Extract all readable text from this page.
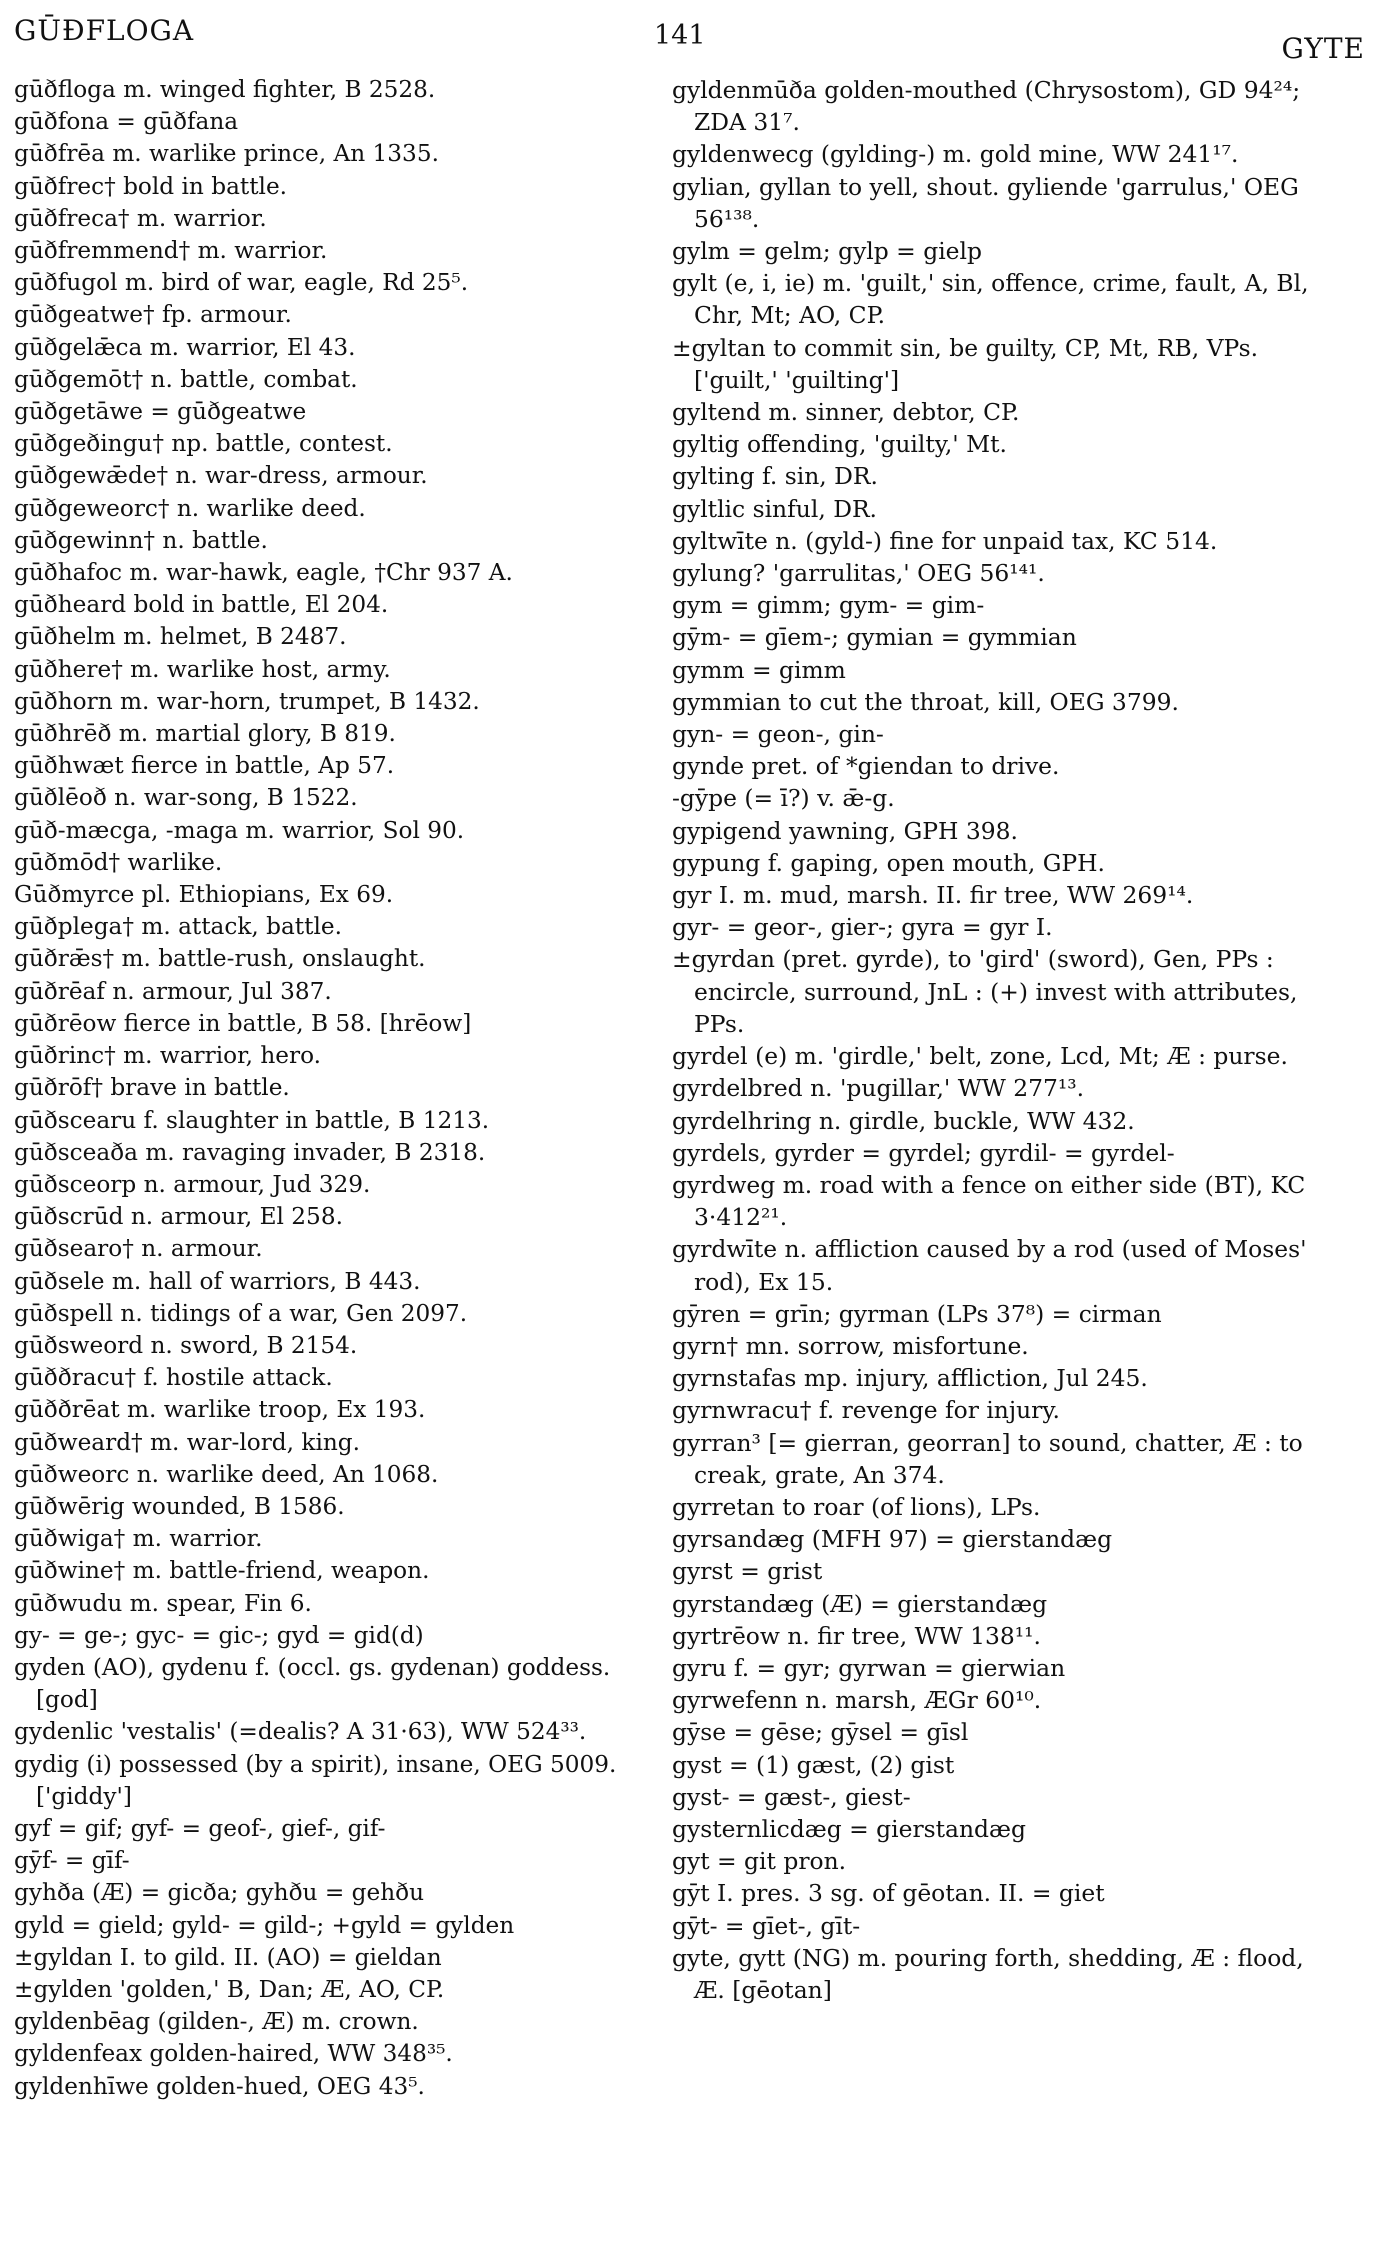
GŪÐFLOGA	141	GYTE
gūðfloga m. winged fighter, B 2528.
gūðfona = gūðfana
gūðfrēa m. warlike prince, An 1335.
gūðfrec† bold in battle.
gūðfreca† m. warrior.
gūðfremmend† m. warrior.
gūðfugol m. bird of war, eagle, Rd 25⁵.
gūðgeatwe† fp. armour.
gūðgelǣca m. warrior, El 43.
gūðgemōt† n. battle, combat.
gūðgetāwe = gūðgeatwe
gūðgeðingu† np. battle, contest.
gūðgewǣde† n. war-dress, armour.
gūðgeweorc† n. warlike deed.
gūðgewinn† n. battle.
gūðhafoc m. war-hawk, eagle, †Chr 937 A.
gūðheard bold in battle, El 204.
gūðhelm m. helmet, B 2487.
gūðhere† m. warlike host, army.
gūðhorn m. war-horn, trumpet, B 1432.
gūðhrēð m. martial glory, B 819.
gūðhwæt fierce in battle, Ap 57.
gūðlēoð n. war-song, B 1522.
gūð-mæcga, -maga m. warrior, Sol 90.
gūðmōd† warlike.
Gūðmyrce pl. Ethiopians, Ex 69.
gūðplega† m. attack, battle.
gūðrǣs† m. battle-rush, onslaught.
gūðrēaf n. armour, Jul 387.
gūðrēow fierce in battle, B 58. [hrēow]
gūðrinc† m. warrior, hero.
gūðrōf† brave in battle.
gūðscearu f. slaughter in battle, B 1213.
gūðsceaða m. ravaging invader, B 2318.
gūðsceorp n. armour, Jud 329.
gūðscrūd n. armour, El 258.
gūðsearo† n. armour.
gūðsele m. hall of warriors, B 443.
gūðspell n. tidings of a war, Gen 2097.
gūðsweord n. sword, B 2154.
gūððracu† f. hostile attack.
gūððrēat m. warlike troop, Ex 193.
gūðweard† m. war-lord, king.
gūðweorc n. warlike deed, An 1068.
gūðwērig wounded, B 1586.
gūðwiga† m. warrior.
gūðwine† m. battle-friend, weapon.
gūðwudu m. spear, Fin 6.
gy- = ge-; gyc- = gic-; gyd = gid(d)
gyden (AO), gydenu f. (occl. gs. gydenan) goddess. [god]
gydenlic 'vestalis' (=dealis? A 31·63), WW 524³³.
gydig (i) possessed (by a spirit), insane, OEG 5009. ['giddy']
gyf = gif; gyf- = geof-, gief-, gif-
gȳf- = gīf-
gyhða (Æ) = gicða; gyhðu = gehðu
gyld = gield; gyld- = gild-; +gyld = gylden
±gyldan I. to gild. II. (AO) = gieldan
±gylden 'golden,' B, Dan; Æ, AO, CP.
gyldenbēag (gilden-, Æ) m. crown.
gyldenfeax golden-haired, WW 348³⁵.
gyldenhīwe golden-hued, OEG 43⁵.
gyldenmūða golden-mouthed (Chrysostom), GD 94²⁴; ZDA 31⁷.
gyldenwecg (gylding-) m. gold mine, WW 241¹⁷.
gylian, gyllan to yell, shout. gyliende 'garrulus,' OEG 56¹³⁸.
gylm = gelm; gylp = gielp
gylt (e, i, ie) m. 'guilt,' sin, offence, crime, fault, A, Bl, Chr, Mt; AO, CP.
±gyltan to commit sin, be guilty, CP, Mt, RB, VPs. ['guilt,' 'guilting']
gyltend m. sinner, debtor, CP.
gyltig offending, 'guilty,' Mt.
gylting f. sin, DR.
gyltlic sinful, DR.
gyltwīte n. (gyld-) fine for unpaid tax, KC 514.
gylung? 'garrulitas,' OEG 56¹⁴¹.
gym = gimm; gym- = gim-
gȳm- = gīem-; gymian = gymmian
gymm = gimm
gymmian to cut the throat, kill, OEG 3799.
gyn- = geon-, gin-
gynde pret. of *giendan to drive.
-gȳpe (= ī?) v. ǣ-g.
gypigend yawning, GPH 398.
gypung f. gaping, open mouth, GPH.
gyr I. m. mud, marsh. II. fir tree, WW 269¹⁴.
gyr- = geor-, gier-; gyra = gyr I.
±gyrdan (pret. gyrde), to 'gird' (sword), Gen, PPs : encircle, surround, JnL : (+) invest with attributes, PPs.
gyrdel (e) m. 'girdle,' belt, zone, Lcd, Mt; Æ : purse.
gyrdelbred n. 'pugillar,' WW 277¹³.
gyrdelhring n. girdle, buckle, WW 432.
gyrdels, gyrder = gyrdel; gyrdil- = gyrdel-
gyrdweg m. road with a fence on either side (BT), KC 3·412²¹.
gyrdwīte n. affliction caused by a rod (used of Moses' rod), Ex 15.
gȳren = grīn; gyrman (LPs 37⁸) = cirman
gyrn† mn. sorrow, misfortune.
gyrnstafas mp. injury, affliction, Jul 245.
gyrnwracu† f. revenge for injury.
gyrran³ [= gierran, georran] to sound, chatter, Æ : to creak, grate, An 374.
gyrretan to roar (of lions), LPs.
gyrsandæg (MFH 97) = gierstandæg
gyrst = grist
gyrstandæg (Æ) = gierstandæg
gyrtrēow n. fir tree, WW 138¹¹.
gyru f. = gyr; gyrwan = gierwian
gyrwefenn n. marsh, ÆGr 60¹⁰.
gȳse = gēse; gȳsel = gīsl
gyst = (1) gæst, (2) gist
gyst- = gæst-, giest-
gysternlicdæg = gierstandæg
gyt = git pron.
gȳt I. pres. 3 sg. of gēotan. II. = giet
gȳt- = gīet-, gīt-
gyte, gytt (NG) m. pouring forth, shedding, Æ : flood, Æ. [gēotan]
